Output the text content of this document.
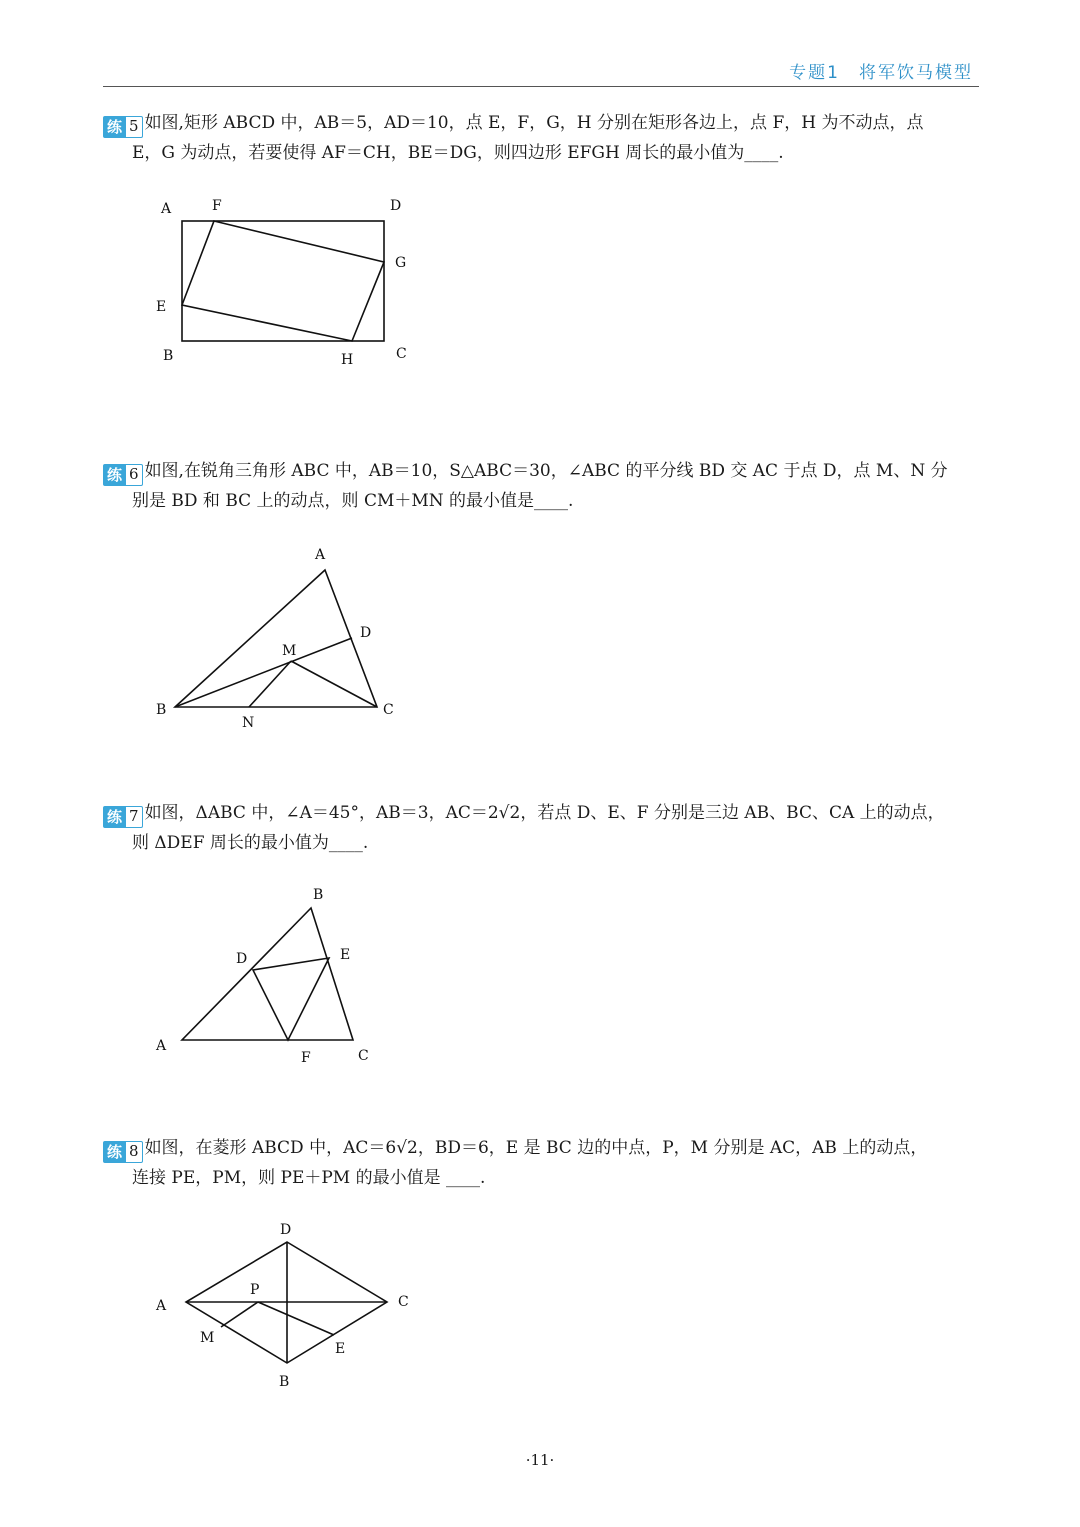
专题1　将军饮马模型
练 5 如图,矩形 ABCD 中，AB＝5，AD＝10，点 E，F，G，H 分别在矩形各边上，点 F，H 为不动点，点
E，G 为动点，若要使得 AF＝CH，BE＝DG，则四边形 EFGH 周长的最小值为____.
A	F	D
G
E
B	H	C
练 6 如图,在锐角三角形 ABC 中，AB＝10，S△ABC＝30，∠ABC 的平分线 BD 交 AC 于点 D，点 M、N 分
别是 BD 和 BC 上的动点，则 CM＋MN 的最小值是____.
A
D
M
B
N
C
练 7 如图，ΔABC 中，∠A＝45°，AB＝3，AC＝2√2，若点 D、E、F 分别是三边 AB、BC、CA 上的动点，
则 ΔDEF 周长的最小值为____.
B
D	E
A
F	C
练 8 如图，在菱形 ABCD 中，AC＝6√2，BD＝6，E 是 BC 边的中点，P，M 分别是 AC，AB 上的动点，
连接 PE，PM，则 PE＋PM 的最小值是 ____.
D
P
A	C
M
E
B
·11·
